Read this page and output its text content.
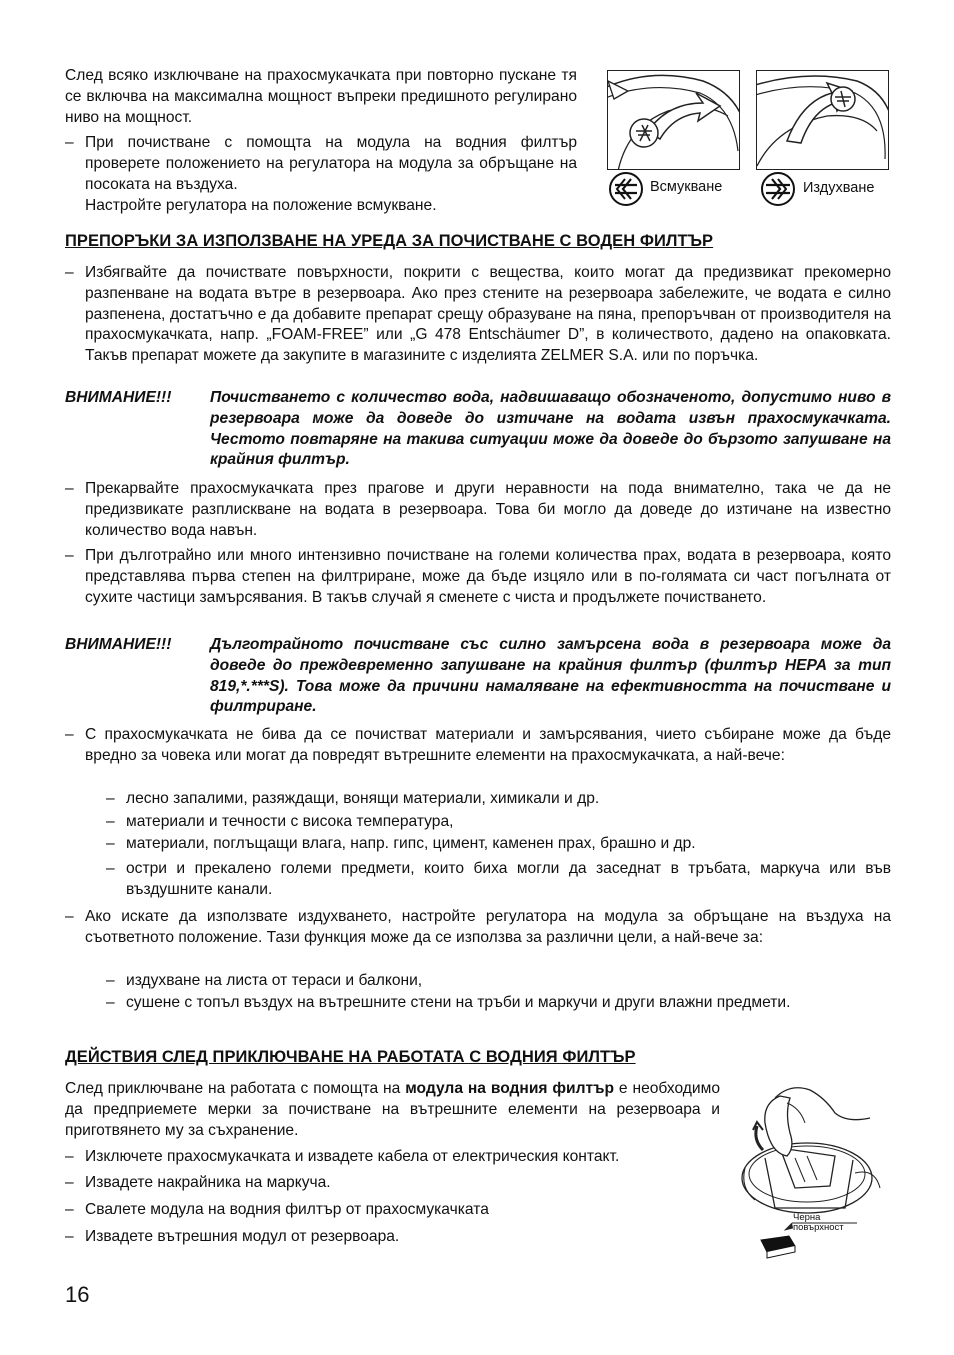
След всяко изключване на прахосмукачката при повторно пускане тя се включва на максимална мощност въпреки предишното регулирано ниво на мощност.

– При почистване с помощта на модула на водния филтър проверете положението на регулатора на модула за обръщане на посоката на въздуха.
Настройте регулатора на положение всмукване.
Всмукване	Издухване
ПРЕПОРЪКИ ЗА ИЗПОЛЗВАНЕ НА УРЕДА ЗА ПОЧИСТВАНЕ С ВОДЕН ФИЛТЪР
– Избягвайте да почиствате повърхности, покрити с вещества, които могат да предизвикат прекомерно разпенване на водата вътре в резервоара. Ако през стените на резервоара забележите, че водата е силно разпенена, достатъчно е да добавите препарат срещу образуване на пяна, препоръчван от производителя на прахосмукачката, напр. „FOAM-FREE” или „G 478 Entschäumer D”, в количеството, дадено на опаковката. Такъв препарат можете да закупите в магазините с изделията ZELMER S.A. или по поръчка.
ВНИМАНИЕ!!! Почистването с количество вода, надвишаващо обозначеното, допустимо ниво в резервоара може да доведе до изтичане на водата извън прахосмукачката. Честото повтаряне на такива ситуации може да доведе до бързото запушване на крайния филтър.
– Прекарвайте прахосмукачката през прагове и други неравности на пода внимателно, така че да не предизвикате разплискване на водата в резервоара. Това би могло да доведе до изтичане на известно количество вода навън.
– При дълготрайно или много интензивно почистване на големи количества прах, водата в резервоара, която представлява първа степен на филтриране, може да бъде изцяло или в по-голямата си част погълната от сухите частици замърсявания. В такъв случай я сменете с чиста и продължете почистването.
ВНИМАНИЕ!!! Дълготрайното почистване със силно замърсена вода в резервоара може да доведе до преждевременно запушване на крайния филтър (филтър HEPA за тип 819,*.***S). Това може да причини намаляване на ефективността на почистване и филтриране.
– С прахосмукачката не бива да се почистват материали и замърсявания, чието събиране може да бъде вредно за човека или могат да повредят вътрешните елементи на прахосмукачката, а най-вече:
– лесно запалими, разяждащи, вонящи материали, химикали и др.
– материали и течности с висока температура,
– материали, поглъщащи влага, напр. гипс, цимент, каменен прах, брашно и др.
– остри и прекалено големи предмети, които биха могли да заседнат в тръбата, маркуча или във въздушните канали.
– Ако искате да използвате издухването, настройте регулатора на модула за обръщане на въздуха на съответното положение. Тази функция може да се използва за различни цели, а най-вече за:
– издухване на листа от тераси и балкони,
– сушене с топъл въздух на вътрешните стени на тръби и маркучи и други влажни предмети.
ДЕЙСТВИЯ СЛЕД ПРИКЛЮЧВАНЕ НА РАБОТАТА С ВОДНИЯ ФИЛТЪР

След приключване на работата с помощта на модула на водния филтър е необходимо да предприемете мерки за почистване на вътрешните елементи на резервоара и приготвянето му за съхранение.

– Изключете прахосмукачката и извадете кабела от електрическия контакт.
– Извадете накрайника на маркуча.
– Свалете модула на водния филтър от прахосмукачката
– Извадете вътрешния модул от резервоара.
Черна
повърхност
16
